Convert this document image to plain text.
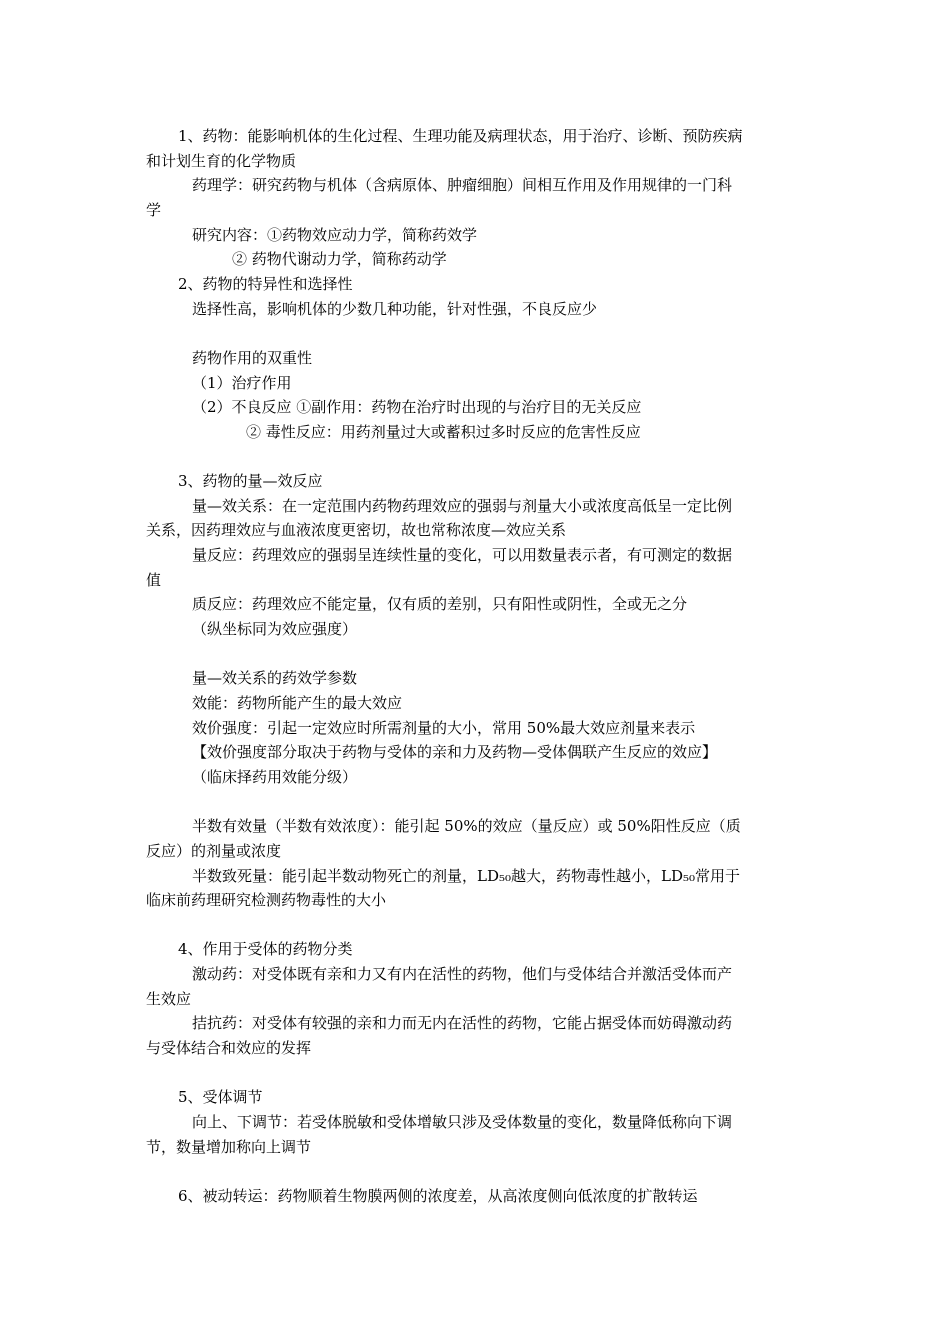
1、药物：能影响机体的生化过程、生理功能及病理状态，用于治疗、诊断、预防疾病

和计划生育的化学物质

药理学：研究药物与机体（含病原体、肿瘤细胞）间相互作用及作用规律的一门科

学

研究内容：①药物效应动力学，简称药效学

② 药物代谢动力学，简称药动学

2、药物的特异性和选择性

选择性高，影响机体的少数几种功能，针对性强，不良反应少

药物作用的双重性

（1）治疗作用

（2）不良反应 ①副作用：药物在治疗时出现的与治疗目的无关反应

② 毒性反应：用药剂量过大或蓄积过多时反应的危害性反应

3、药物的量—效反应

量—效关系：在一定范围内药物药理效应的强弱与剂量大小或浓度高低呈一定比例

关系，因药理效应与血液浓度更密切，故也常称浓度—效应关系

量反应：药理效应的强弱呈连续性量的变化，可以用数量表示者，有可测定的数据

值

质反应：药理效应不能定量，仅有质的差别，只有阳性或阴性，全或无之分

（纵坐标同为效应强度）

量—效关系的药效学参数

效能：药物所能产生的最大效应

效价强度：引起一定效应时所需剂量的大小，常用 50%最大效应剂量来表示

【效价强度部分取决于药物与受体的亲和力及药物—受体偶联产生反应的效应】

（临床择药用效能分级）

半数有效量（半数有效浓度）：能引起 50%的效应（量反应）或 50%阳性反应（质

反应）的剂量或浓度

半数致死量：能引起半数动物死亡的剂量，LD₅₀越大，药物毒性越小，LD₅₀常用于

临床前药理研究检测药物毒性的大小

4、作用于受体的药物分类

激动药：对受体既有亲和力又有内在活性的药物，他们与受体结合并激活受体而产

生效应

拮抗药：对受体有较强的亲和力而无内在活性的药物，它能占据受体而妨碍激动药

与受体结合和效应的发挥

5、受体调节

向上、下调节：若受体脱敏和受体增敏只涉及受体数量的变化，数量降低称向下调

节，数量增加称向上调节

6、被动转运：药物顺着生物膜两侧的浓度差，从高浓度侧向低浓度的扩散转运
